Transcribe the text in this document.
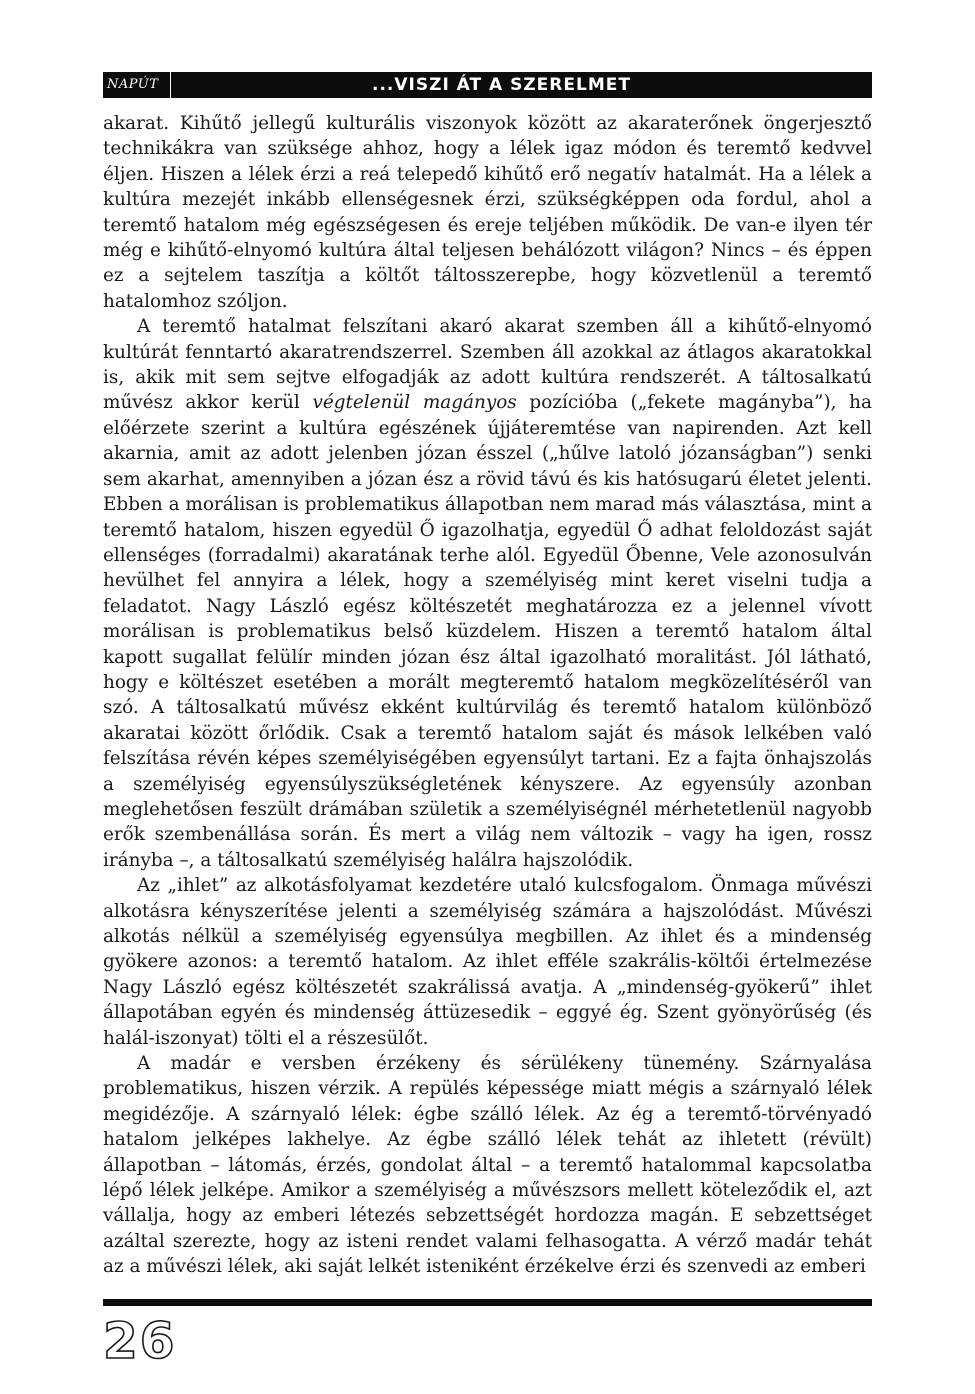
NAPÚT	...VISZI ÁT A SZERELMET

akarat. Kihűtő jellegű kulturális viszonyok között az akaraterőnek öngerjesztő technikákra van szüksége ahhoz, hogy a lélek igaz módon és teremtő kedvvel éljen. Hiszen a lélek érzi a reá telepedő kihűtő erő negatív hatalmát. Ha a lélek a kultúra mezejét inkább ellenségesnek érzi, szükségképpen oda fordul, ahol a teremtő hatalom még egészségesen és ereje teljében működik. De van-e ilyen tér még e kihűtő-elnyomó kultúra által teljesen behálózott világon? Nincs – és éppen ez a sejtelem taszítja a költőt táltosszerepbe, hogy közvetlenül a teremtő hatalomhoz szóljon.

A teremtő hatalmat felszítani akaró akarat szemben áll a kihűtő-elnyomó kultúrát fenntartó akaratrendszerrel. Szemben áll azokkal az átlagos akaratokkal is, akik mit sem sejtve elfogadják az adott kultúra rendszerét. A táltosalkatú művész akkor kerül végtelenül magányos pozícióba („fekete magányba”), ha előérzete szerint a kultúra egészének újjáteremtése van napirenden. Azt kell akarnia, amit az adott jelenben józan ésszel („hűlve latoló józanságban”) senki sem akarhat, amennyiben a józan ész a rövid távú és kis hatósugarú életet jelenti. Ebben a morálisan is problematikus állapotban nem marad más választása, mint a teremtő hatalom, hiszen egyedül Ő igazolhatja, egyedül Ő adhat feloldozást saját ellenséges (forradalmi) akaratának terhe alól. Egyedül Őbenne, Vele azonosulván hevülhet fel annyira a lélek, hogy a személyiség mint keret viselni tudja a feladatot. Nagy László egész költészetét meghatározza ez a jelennel vívott morálisan is problematikus belső küzdelem. Hiszen a teremtő hatalom által kapott sugallat felülír minden józan ész által igazolható moralitást. Jól látható, hogy e költészet esetében a morált megteremtő hatalom megközelítéséről van szó. A táltosalkatú művész ekként kultúrvilág és teremtő hatalom különböző akaratai között őrlődik. Csak a teremtő hatalom saját és mások lelkében való felszítása révén képes személyiségében egyensúlyt tartani. Ez a fajta önhajszolás a személyiség egyensúlyszükségletének kényszere. Az egyensúly azonban meglehetősen feszült drámában születik a személyiségnél mérhetetlenül nagyobb erők szembenállása során. És mert a világ nem változik – vagy ha igen, rossz irányba –, a táltosalkatú személyiség halálra hajszolódik.

Az „ihlet” az alkotásfolyamat kezdetére utaló kulcsfogalom. Önmaga művészi alkotásra kényszerítése jelenti a személyiség számára a hajszolódást. Művészi alkotás nélkül a személyiség egyensúlya megbillen. Az ihlet és a mindenség gyökere azonos: a teremtő hatalom. Az ihlet efféle szakrális-költői értelmezése Nagy László egész költészetét szakrálissá avatja. A „mindenség-gyökerű” ihlet állapotában egyén és mindenség áttüzesedik – eggyé ég. Szent gyönyörűség (és halál-iszonyat) tölti el a részesülőt.

A madár e versben érzékeny és sérülékeny tünemény. Szárnyalása problematikus, hiszen vérzik. A repülés képessége miatt mégis a szárnyaló lélek megidézője. A szárnyaló lélek: égbe szálló lélek. Az ég a teremtő-törvényadó hatalom jelképes lakhelye. Az égbe szálló lélek tehát az ihletett (révült) állapotban – látomás, érzés, gondolat által – a teremtő hatalommal kapcsolatba lépő lélek jelképe. Amikor a személyiség a művészsors mellett köteleződik el, azt vállalja, hogy az emberi létezés sebzettségét hordozza magán. E sebzettséget azáltal szerezte, hogy az isteni rendet valami felhasogatta. A vérző madár tehát az a művészi lélek, aki saját lelkét isteniként érzékelve érzi és szenvedi az emberi

26
